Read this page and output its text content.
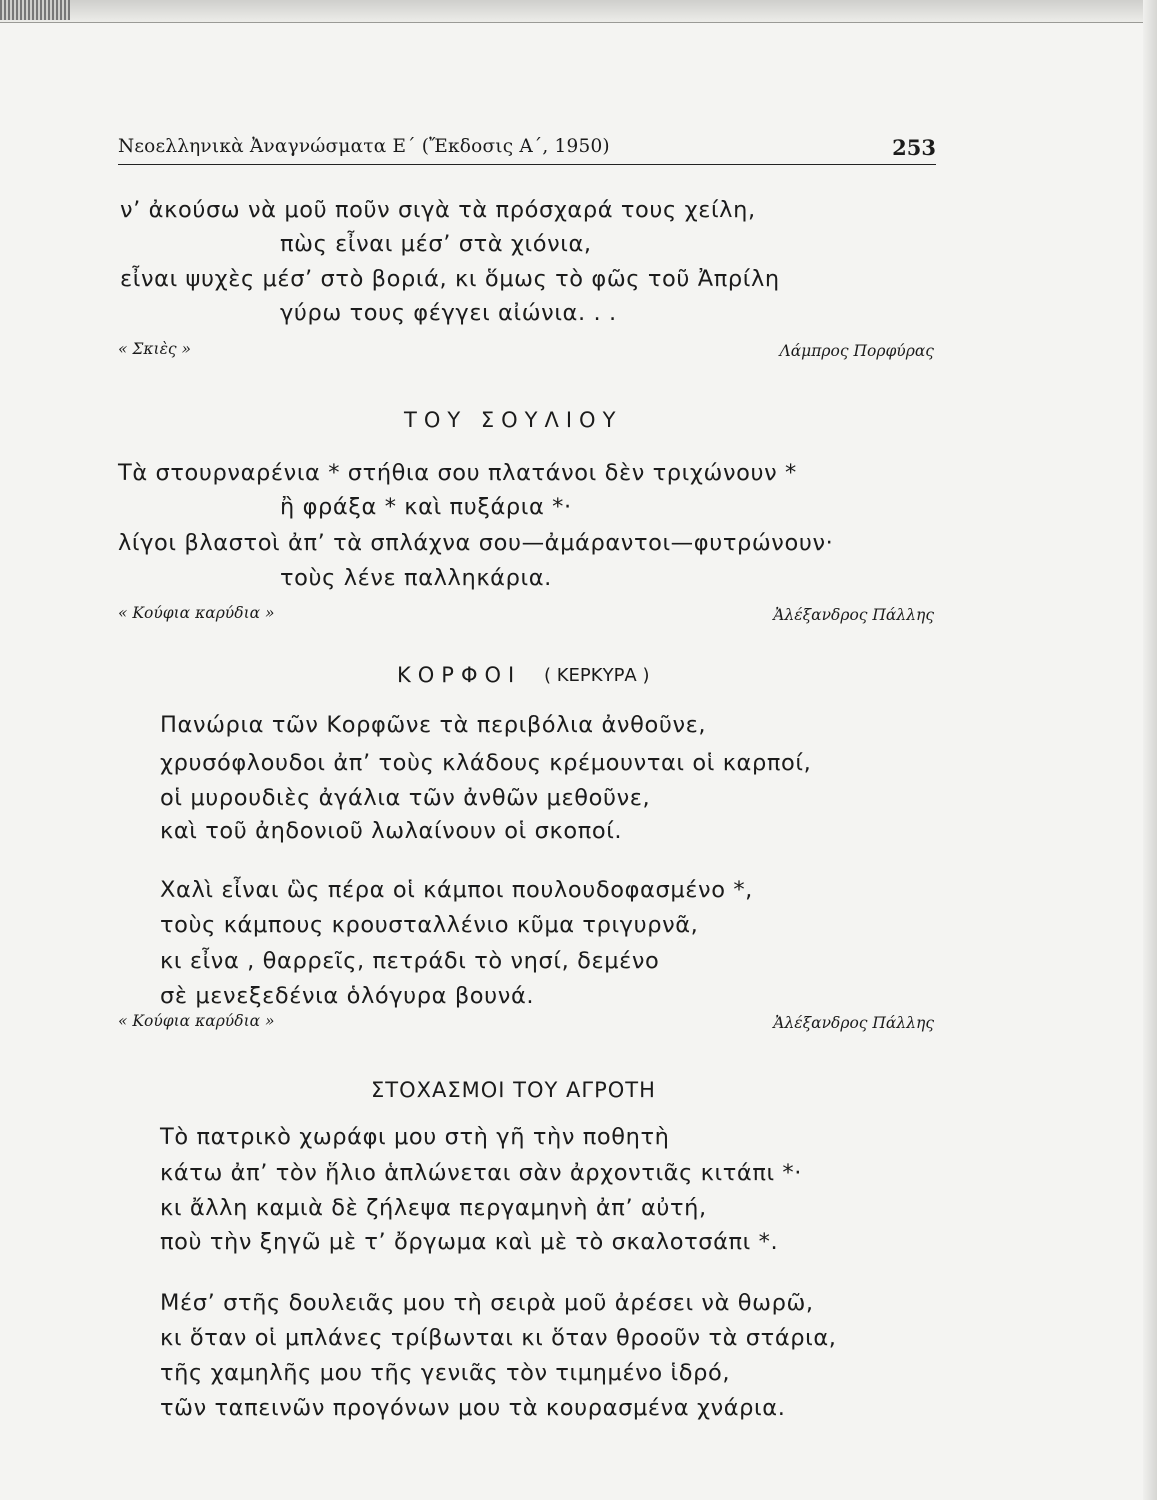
Νεοελληνικὰ Ἀναγνώσματα Ε΄ (Ἔκδοσις Α΄, 1950)	253
ν’ ἀκούσω νὰ μοῦ ποῦν σιγὰ τὰ πρόσχαρά τους χείλη,
πὼς εἶναι μέσ’ στὰ χιόνια,
εἶναι ψυχὲς μέσ’ στὸ βοριά, κι ὅμως τὸ φῶς τοῦ Ἀπρίλη
γύρω τους φέγγει αἰώνια. . .
« Σκιὲς »	Λάμπρος Πορφύρας
ΤΟΥ ΣΟΥΛΙΟΥ
Τὰ στουρναρένια * στήθια σου πλατάνοι δὲν τριχώνουν *
ἢ φράξα * καὶ πυξάρια *·
λίγοι βλαστοὶ ἀπ’ τὰ σπλάχνα σου—ἀμάραντοι—φυτρώνουν·
τοὺς λένε παλληκάρια.
« Κούφια καρύδια »	Ἀλέξανδρος Πάλλης
ΚΟΡΦΟΙ ( ΚΕΡΚΥΡΑ )
Πανώρια τῶν Κορφῶνε τὰ περιβόλια ἀνθοῦνε,
χρυσόφλουδοι ἀπ’ τοὺς κλάδους κρέμουνται οἱ καρποί,
οἱ μυρουδιὲς ἀγάλια τῶν ἀνθῶν μεθοῦνε,
καὶ τοῦ ἀηδονιοῦ λωλαίνουν οἱ σκοποί.
Χαλὶ εἶναι ὣς πέρα οἱ κάμποι πουλουδοφασμένο *,
τοὺς κάμπους κρουσταλλένιο κῦμα τριγυρνᾶ,
κι εἶνα , θαρρεῖς, πετράδι τὸ νησί, δεμένο
σὲ μενεξεδένια ὁλόγυρα βουνά.
« Κούφια καρύδια »	Ἀλέξανδρος Πάλλης
ΣΤΟΧΑΣΜΟΙ ΤΟΥ ΑΓΡΟΤΗ
Τὸ πατρικὸ χωράφι μου στὴ γῆ τὴν ποθητὴ
κάτω ἀπ’ τὸν ἥλιο ἁπλώνεται σὰν ἀρχοντιᾶς κιτάπι *·
κι ἄλλη καμιὰ δὲ ζήλεψα περγαμηνὴ ἀπ’ αὐτή,
ποὺ τὴν ξηγῶ μὲ τ’ ὄργωμα καὶ μὲ τὸ σκαλοτσάπι *.
Μέσ’ στῆς δουλειᾶς μου τὴ σειρὰ μοῦ ἀρέσει νὰ θωρῶ,
κι ὅταν οἱ μπλάνες τρίβωνται κι ὅταν θροοῦν τὰ στάρια,
τῆς χαμηλῆς μου τῆς γενιᾶς τὸν τιμημένο ἱδρό,
τῶν ταπεινῶν προγόνων μου τὰ κουρασμένα χνάρια.
